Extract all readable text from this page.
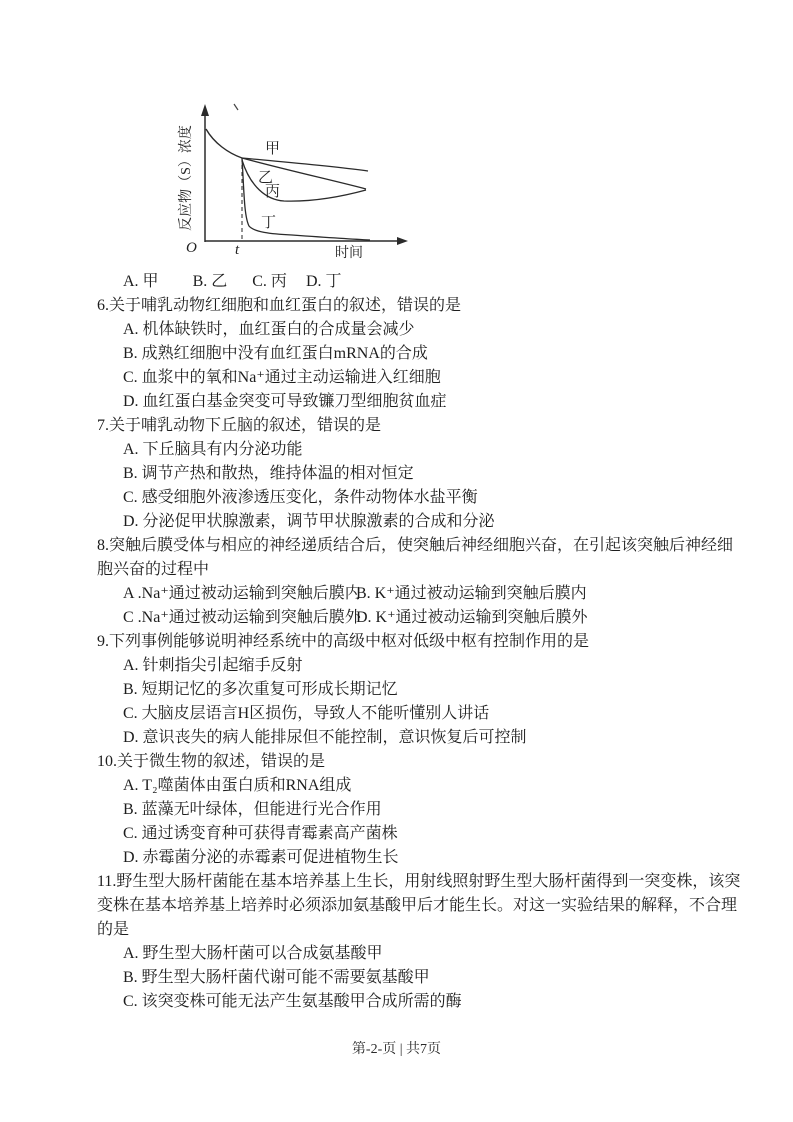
甲
乙
丙
丁
O	t	时间
反应物（S）浓度
A. 甲 B. 乙 C. 丙 D. 丁
6.关于哺乳动物红细胞和血红蛋白的叙述，错误的是
A. 机体缺铁时，血红蛋白的合成量会减少
B. 成熟红细胞中没有血红蛋白mRNA的合成
C. 血浆中的氧和Na⁺通过主动运输进入红细胞
D. 血红蛋白基金突变可导致镰刀型细胞贫血症
7.关于哺乳动物下丘脑的叙述，错误的是
A. 下丘脑具有内分泌功能
B. 调节产热和散热，维持体温的相对恒定
C. 感受细胞外液渗透压变化，条件动物体水盐平衡
D. 分泌促甲状腺激素，调节甲状腺激素的合成和分泌
8.突触后膜受体与相应的神经递质结合后，使突触后神经细胞兴奋，在引起该突触后神经细
胞兴奋的过程中
A .Na⁺通过被动运输到突触后膜内
B. K⁺通过被动运输到突触后膜内
C .Na⁺通过被动运输到突触后膜外
D. K⁺通过被动运输到突触后膜外
9.下列事例能够说明神经系统中的高级中枢对低级中枢有控制作用的是
A. 针刺指尖引起缩手反射
B. 短期记忆的多次重复可形成长期记忆
C. 大脑皮层语言H区损伤，导致人不能听懂别人讲话
D. 意识丧失的病人能排尿但不能控制，意识恢复后可控制
10.关于微生物的叙述，错误的是
A. T₂噬菌体由蛋白质和RNA组成
B. 蓝藻无叶绿体，但能进行光合作用
C. 通过诱变育种可获得青霉素高产菌株
D. 赤霉菌分泌的赤霉素可促进植物生长
11.野生型大肠杆菌能在基本培养基上生长，用射线照射野生型大肠杆菌得到一突变株，该突
变株在基本培养基上培养时必须添加氨基酸甲后才能生长。对这一实验结果的解释，不合理
的是
A. 野生型大肠杆菌可以合成氨基酸甲
B. 野生型大肠杆菌代谢可能不需要氨基酸甲
C. 该突变株可能无法产生氨基酸甲合成所需的酶
第-2-页 | 共7页
